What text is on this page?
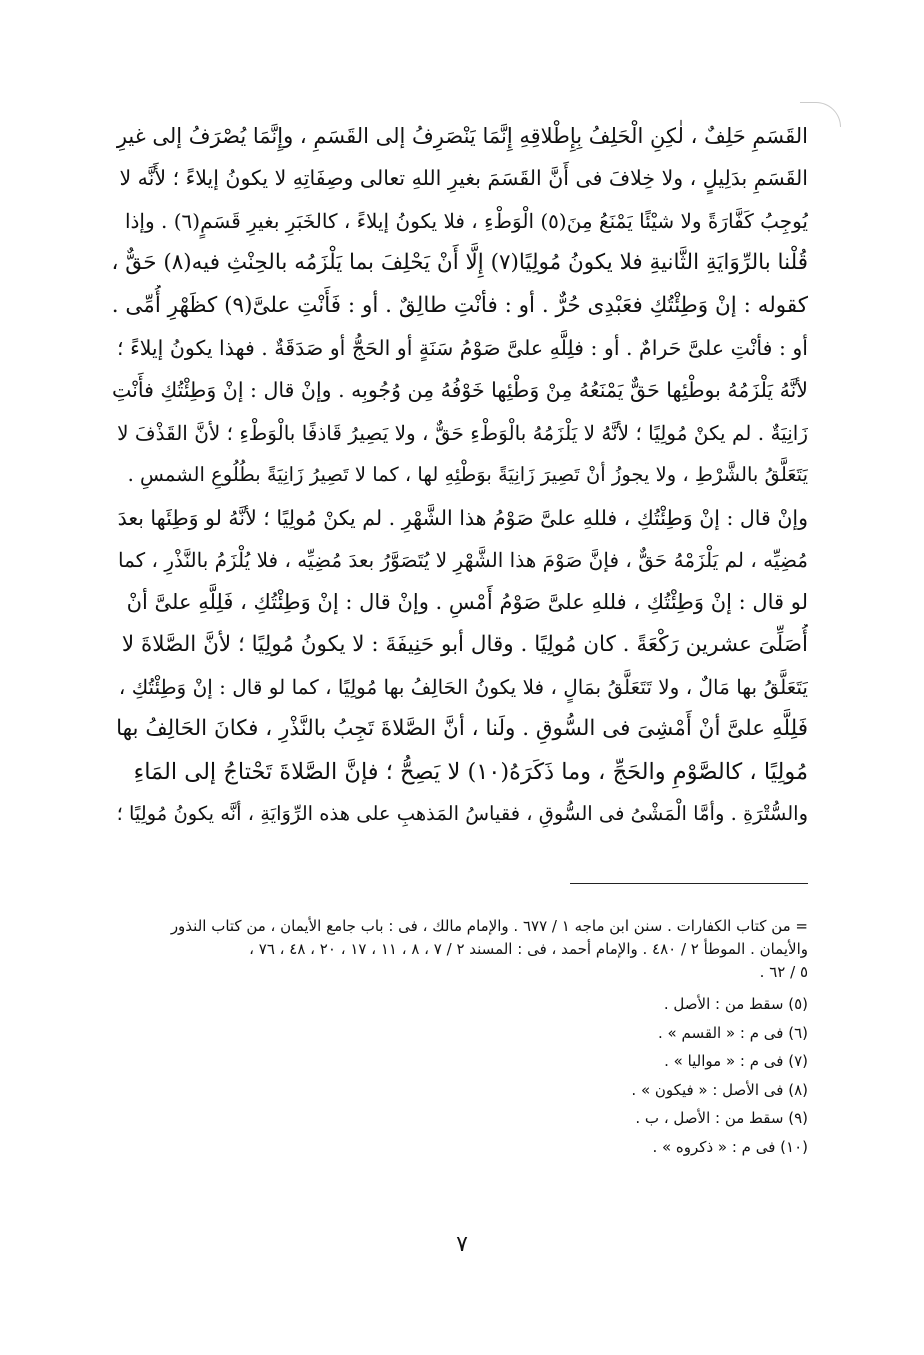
القَسَمِ حَلِفٌ ، لٰكِنِ الْحَلِفُ بِإِطْلاقِهِ إِنَّمَا يَنْصَرِفُ إلى القَسَمِ ، وإِنَّمَا يُصْرَفُ إلى غيرِ
القَسَمِ بدَلِيلٍ ، ولا خِلافَ فى أَنَّ القَسَمَ بغيرِ اللهِ تعالى وصِفَاتِهِ لا يكونُ إيلاءً ؛ لأَنَّه لا
يُوجِبُ كَفَّارَةً ولا شيْئًا يَمْنَعُ مِنَ(٥) الْوَطْءِ ، فلا يكونُ إيلاءً ، كالخَبَرِ بغيرِ قَسَمٍ(٦) . وإذا
قُلْنا بالرِّوَايَةِ الثَّانيةِ فلا يكونُ مُولِيًا(٧) إِلَّا أَنْ يَحْلِفَ بما يَلْزَمُه بالحِنْثِ فيه(٨) حَقٌّ ،
كقوله : إنْ وَطِئْتُكِ فعَبْدِى حُرٌّ . أو : فأنْتِ طالِقٌ . أو : فَأَنْتِ علىَّ(٩) كظَهْرِ أُمِّى .
أو : فأنْتِ علىَّ حَرامٌ . أو : فلِلَّهِ علىَّ صَوْمُ سَنَةٍ أو الحَجُّ أو صَدَقَةٌ . فهذا يكونُ إيلاءً ؛
لأنَّهُ يَلْزَمُهُ بوطْئِها حَقٌّ يَمْنَعُهُ مِنْ وَطْئِها خَوْفُهُ مِن وُجُوبِه . وإنْ قال : إنْ وَطِئْتُكِ فأَنْتِ
زَانِيَةٌ . لم يكنْ مُولِيًا ؛ لأنَّهُ لا يَلْزَمُهُ بالْوَطْءِ حَقٌّ ، ولا يَصِيرُ قَاذفًا بالْوَطْءِ ؛ لأنَّ القَذْفَ لا
يَتَعَلَّقُ بالشَّرْطِ ، ولا يجوزُ أنْ تَصِيرَ زَانِيَةً بوَطْئِهِ لها ، كما لا تَصِيرُ زَانِيَةً بطُلُوعِ الشمسِ .
وإنْ قال : إنْ وَطِئْتُكِ ، فللهِ علىَّ صَوْمُ هذا الشَّهْرِ . لم يكنْ مُولِيًا ؛ لأنَّهُ لو وَطِئَها بعدَ
مُضِيِّه ، لم يَلْزَمْهُ حَقٌّ ، فإنَّ صَوْمَ هذا الشَّهْرِ لا يُتَصَوَّرُ بعدَ مُضِيِّه ، فلا يُلْزَمُ بالنَّذْرِ ، كما
لو قال : إنْ وَطِئْتُكِ ، فللهِ علىَّ صَوْمُ أَمْسِ . وإنْ قال : إنْ وَطِئْتُكِ ، فَلِلَّهِ علىَّ أنْ
أُصَلِّىَ عشرين رَكْعَةً . كان مُولِيًا . وقال أبو حَنِيفَةَ : لا يكونُ مُولِيًا ؛ لأنَّ الصَّلاةَ لا
يَتَعَلَّقُ بها مَالٌ ، ولا تَتَعَلَّقُ بمَالٍ ، فلا يكونُ الحَالِفُ بها مُولِيًا ، كما لو قال : إنْ وَطِئْتُكِ ،
فَلِلَّهِ علىَّ أنْ أَمْشِىَ فى السُّوقِ . ولَنا ، أنَّ الصَّلاةَ تَجِبُ بالنَّذْرِ ، فكانَ الحَالِفُ بها
مُولِيًا ، كالصَّوْمِ والحَجِّ ، وما ذَكَرَهُ(١٠) لا يَصِحُّ ؛ فإنَّ الصَّلاةَ تَحْتاجُ إلى المَاءِ
والسُّتْرَةِ . وأمَّا الْمَشْىُ فى السُّوقِ ، فقياسُ المَذهبِ على هذه الرِّوَايَةِ ، أنَّه يكونُ مُولِيًا ؛
= من كتاب الكفارات . سنن ابن ماجه ١ / ٦٧٧ . والإمام مالك ، فى : باب جامع الأيمان ، من كتاب النذور
والأيمان . الموطأ ٢ / ٤٨٠ . والإمام أحمد ، فى : المسند ٢ / ٧ ، ٨ ، ١١ ، ١٧ ، ٢٠ ، ٤٨ ، ٧٦ ،
٥ / ٦٢ .
(٥) سقط من : الأصل .
(٦) فى م : « القسم » .
(٧) فى م : « مواليا » .
(٨) فى الأصل : « فيكون » .
(٩) سقط من : الأصل ، ب .
(١٠) فى م : « ذكروه » .
٧
